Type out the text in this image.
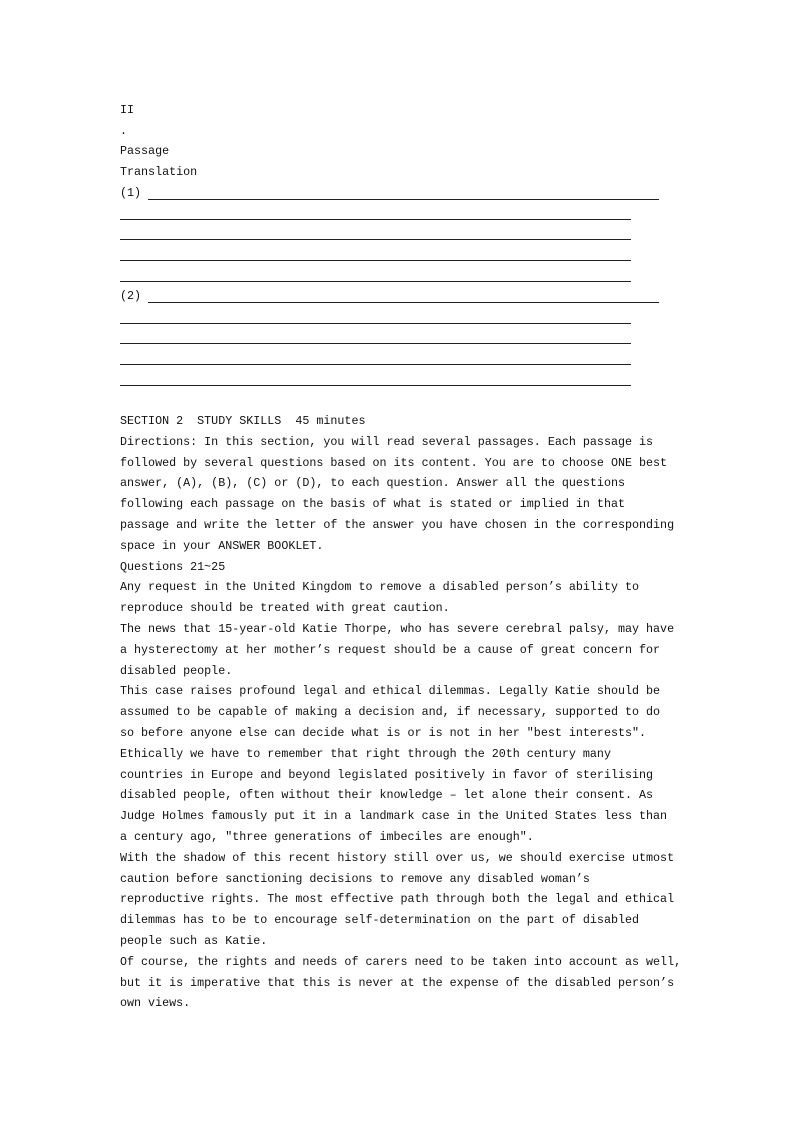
II
.
Passage
Translation
(1)
(2)
SECTION 2  STUDY SKILLS  45 minutes
Directions: In this section, you will read several passages. Each passage is
followed by several questions based on its content. You are to choose ONE best
answer, (A), (B), (C) or (D), to each question. Answer all the questions
following each passage on the basis of what is stated or implied in that
passage and write the letter of the answer you have chosen in the corresponding
space in your ANSWER BOOKLET.
Questions 21~25
Any request in the United Kingdom to remove a disabled person’s ability to
reproduce should be treated with great caution.
The news that 15-year-old Katie Thorpe, who has severe cerebral palsy, may have
a hysterectomy at her mother’s request should be a cause of great concern for
disabled people.
This case raises profound legal and ethical dilemmas. Legally Katie should be
assumed to be capable of making a decision and, if necessary, supported to do
so before anyone else can decide what is or is not in her ″best interests″.
Ethically we have to remember that right through the 20th century many
countries in Europe and beyond legislated positively in favor of sterilising
disabled people, often without their knowledge – let alone their consent. As
Judge Holmes famously put it in a landmark case in the United States less than
a century ago, ″three generations of imbeciles are enough″.
With the shadow of this recent history still over us, we should exercise utmost
caution before sanctioning decisions to remove any disabled woman’s
reproductive rights. The most effective path through both the legal and ethical
dilemmas has to be to encourage self-determination on the part of disabled
people such as Katie.
Of course, the rights and needs of carers need to be taken into account as well,
but it is imperative that this is never at the expense of the disabled person’s
own views.
